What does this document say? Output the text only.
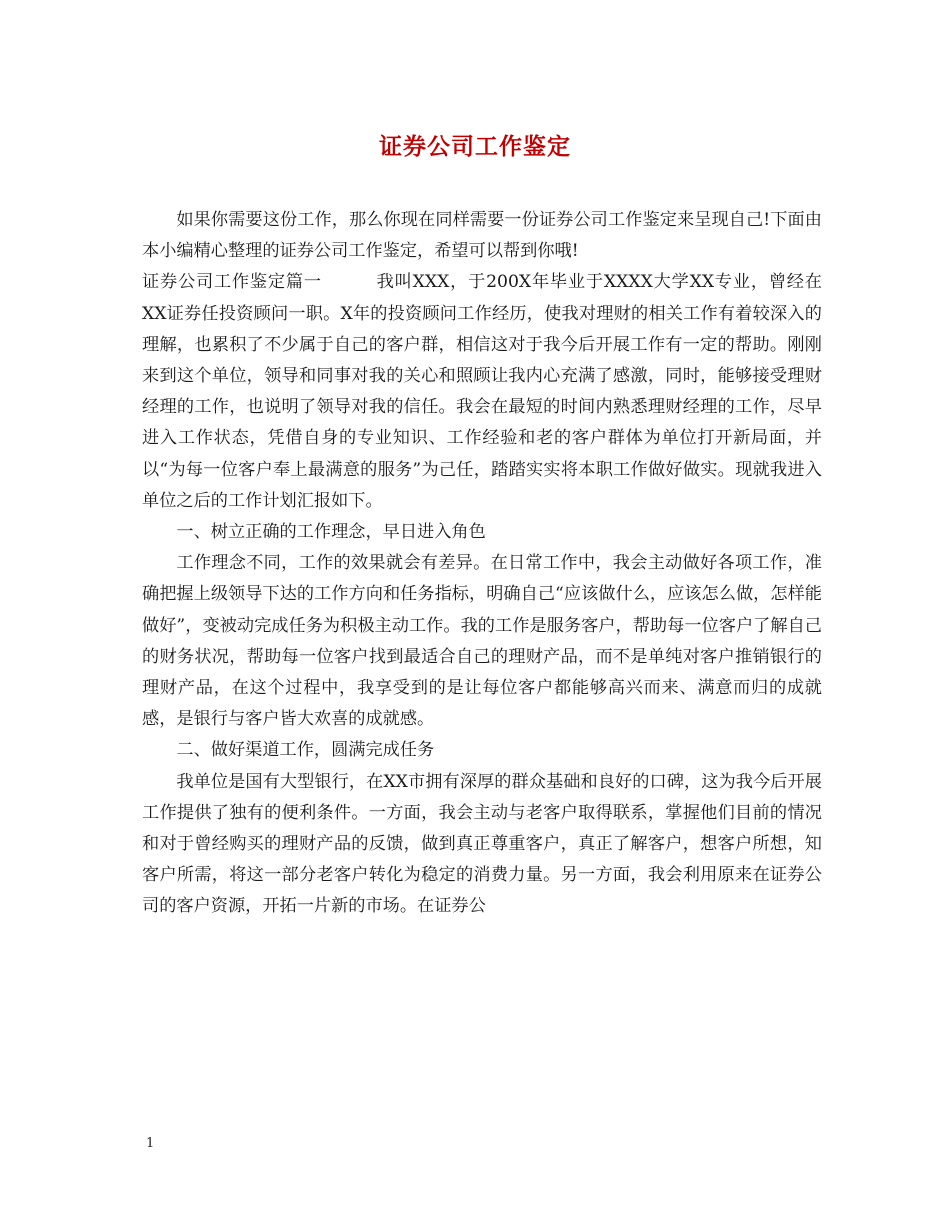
证券公司工作鉴定

如果你需要这份工作，那么你现在同样需要一份证券公司工作鉴定来呈现自己!下面由本小编精心整理的证券公司工作鉴定，希望可以帮到你哦!

证券公司工作鉴定篇一	我叫XXX，于200X年毕业于XXXX大学XX专业，曾经在XX证券任投资顾问一职。X年的投资顾问工作经历，使我对理财的相关工作有着较深入的理解，也累积了不少属于自己的客户群，相信这对于我今后开展工作有一定的帮助。刚刚来到这个单位，领导和同事对我的关心和照顾让我内心充满了感激，同时，能够接受理财经理的工作，也说明了领导对我的信任。我会在最短的时间内熟悉理财经理的工作，尽早进入工作状态，凭借自身的专业知识、工作经验和老的客户群体为单位打开新局面，并以“为每一位客户奉上最满意的服务”为己任，踏踏实实将本职工作做好做实。现就我进入单位之后的工作计划汇报如下。

一、树立正确的工作理念，早日进入角色

工作理念不同，工作的效果就会有差异。在日常工作中，我会主动做好各项工作，准确把握上级领导下达的工作方向和任务指标，明确自己“应该做什么，应该怎么做，怎样能做好”，变被动完成任务为积极主动工作。我的工作是服务客户，帮助每一位客户了解自己的财务状况，帮助每一位客户找到最适合自己的理财产品，而不是单纯对客户推销银行的理财产品，在这个过程中，我享受到的是让每位客户都能够高兴而来、满意而归的成就感，是银行与客户皆大欢喜的成就感。

二、做好渠道工作，圆满完成任务

我单位是国有大型银行，在XX市拥有深厚的群众基础和良好的口碑，这为我今后开展工作提供了独有的便利条件。一方面，我会主动与老客户取得联系，掌握他们目前的情况和对于曾经购买的理财产品的反馈，做到真正尊重客户，真正了解客户，想客户所想，知客户所需，将这一部分老客户转化为稳定的消费力量。另一方面，我会利用原来在证券公司的客户资源，开拓一片新的市场。在证券公

1
